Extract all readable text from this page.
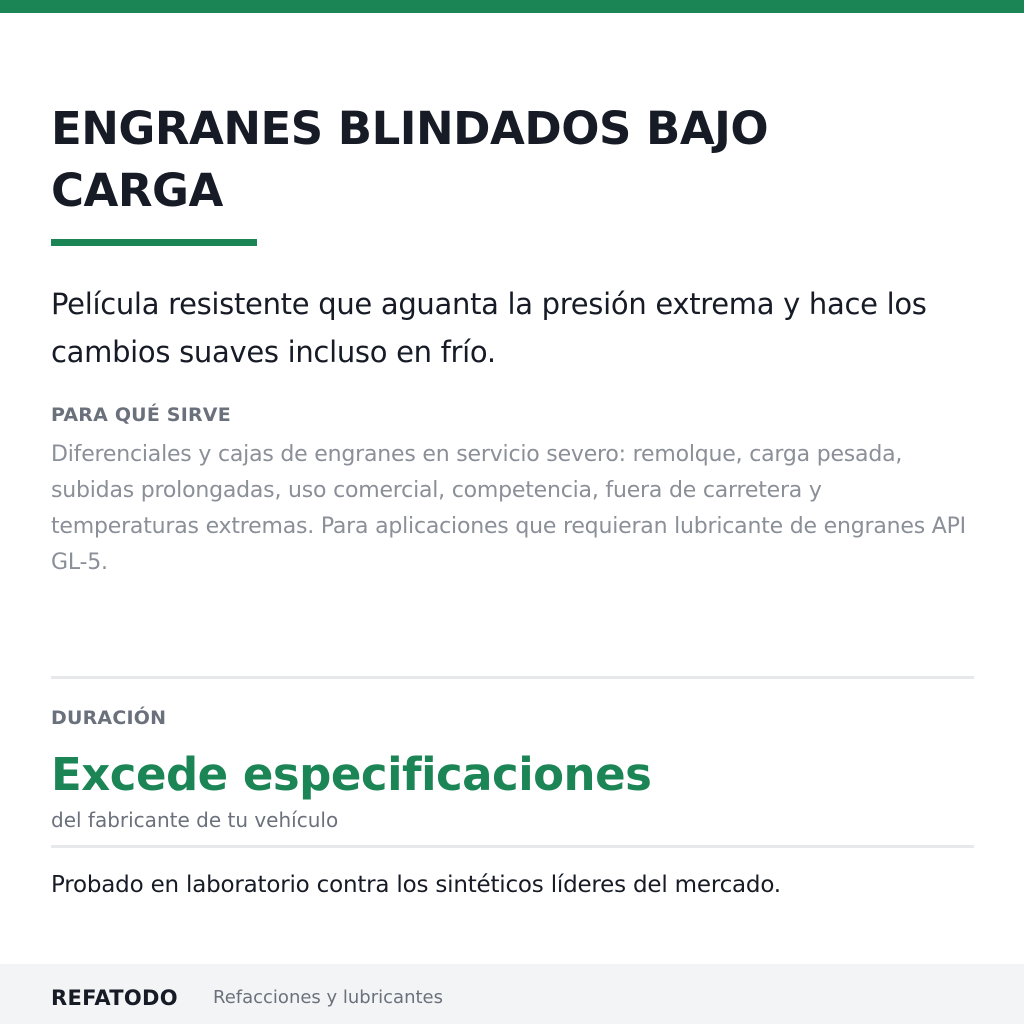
ENGRANES BLINDADOS BAJO CARGA

Película resistente que aguanta la presión extrema y hace los cambios suaves incluso en frío.

PARA QUÉ SIRVE

Diferenciales y cajas de engranes en servicio severo: remolque, carga pesada, subidas prolongadas, uso comercial, competencia, fuera de carretera y temperaturas extremas. Para aplicaciones que requieran lubricante de engranes API GL-5.

DURACIÓN
Excede especificaciones
del fabricante de tu vehículo

Probado en laboratorio contra los sintéticos líderes del mercado.

REFATODO Refacciones y lubricantes
